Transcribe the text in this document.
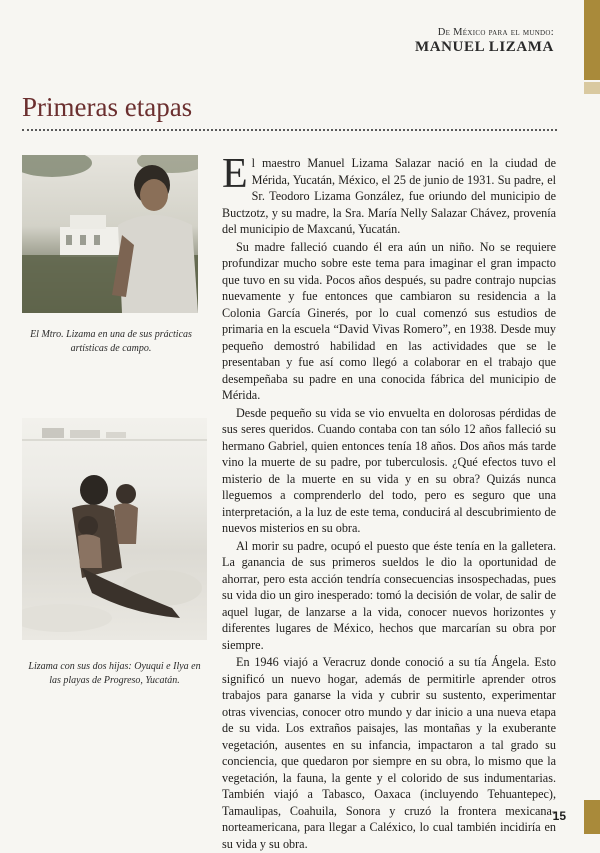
De México para el mundo:
MANUEL LIZAMA
Primeras etapas
El Mtro. Lizama en una de sus prácticas artísticas de campo.
Lizama con sus dos hijas: Oyuqui e Ilya en las playas de Progreso, Yucatán.

El maestro Manuel Lizama Salazar nació en la ciudad de Mérida, Yucatán, México, el 25 de junio de 1931. Su padre, el Sr. Teodoro Lizama González, fue oriundo del municipio de Buctzotz, y su madre, la Sra. María Nelly Salazar Chávez, provenía del municipio de Maxcanú, Yucatán.

Su madre falleció cuando él era aún un niño. No se requiere profundizar mucho sobre este tema para imaginar el gran impacto que tuvo en su vida. Pocos años después, su padre contrajo nupcias nuevamente y fue entonces que cambiaron su residencia a la Colonia García Ginerés, por lo cual comenzó sus estudios de primaria en la escuela “David Vivas Romero”, en 1938. Desde muy pequeño demostró habilidad en las actividades que se le presentaban y fue así como llegó a colaborar en el trabajo que desempeñaba su padre en una conocida fábrica del municipio de Mérida.

Desde pequeño su vida se vio envuelta en dolorosas pérdidas de sus seres queridos. Cuando contaba con tan sólo 12 años falleció su hermano Gabriel, quien entonces tenía 18 años. Dos años más tarde vino la muerte de su padre, por tuberculosis. ¿Qué efectos tuvo el misterio de la muerte en su vida y en su obra? Quizás nunca lleguemos a comprenderlo del todo, pero es seguro que una interpretación, a la luz de este tema, conducirá al descubrimiento de nuevos misterios en su obra.

Al morir su padre, ocupó el puesto que éste tenía en la galletera. La ganancia de sus primeros sueldos le dio la oportunidad de ahorrar, pero esta acción tendría consecuencias insospechadas, pues su vida dio un giro inesperado: tomó la decisión de volar, de salir de aquel lugar, de lanzarse a la vida, conocer nuevos horizontes y diferentes lugares de México, hechos que marcarían su obra por siempre.

En 1946 viajó a Veracruz donde conoció a su tía Ángela. Esto significó un nuevo hogar, además de permitirle aprender otros trabajos para ganarse la vida y cubrir su sustento, experimentar otras vivencias, conocer otro mundo y dar inicio a una nueva etapa de su vida. Los extraños paisajes, las montañas y la exuberante vegetación, ausentes en su infancia, impactaron a tal grado su conciencia, que quedaron por siempre en su obra, lo mismo que la vegetación, la fauna, la gente y el colorido de sus indumentarias. También viajó a Tabasco, Oaxaca (incluyendo Tehuantepec), Tamaulipas, Coahuila, Sonora y cruzó la frontera mexicana-norteamericana, para llegar a Caléxico, lo cual también incidiría en su vida y su obra.

15
